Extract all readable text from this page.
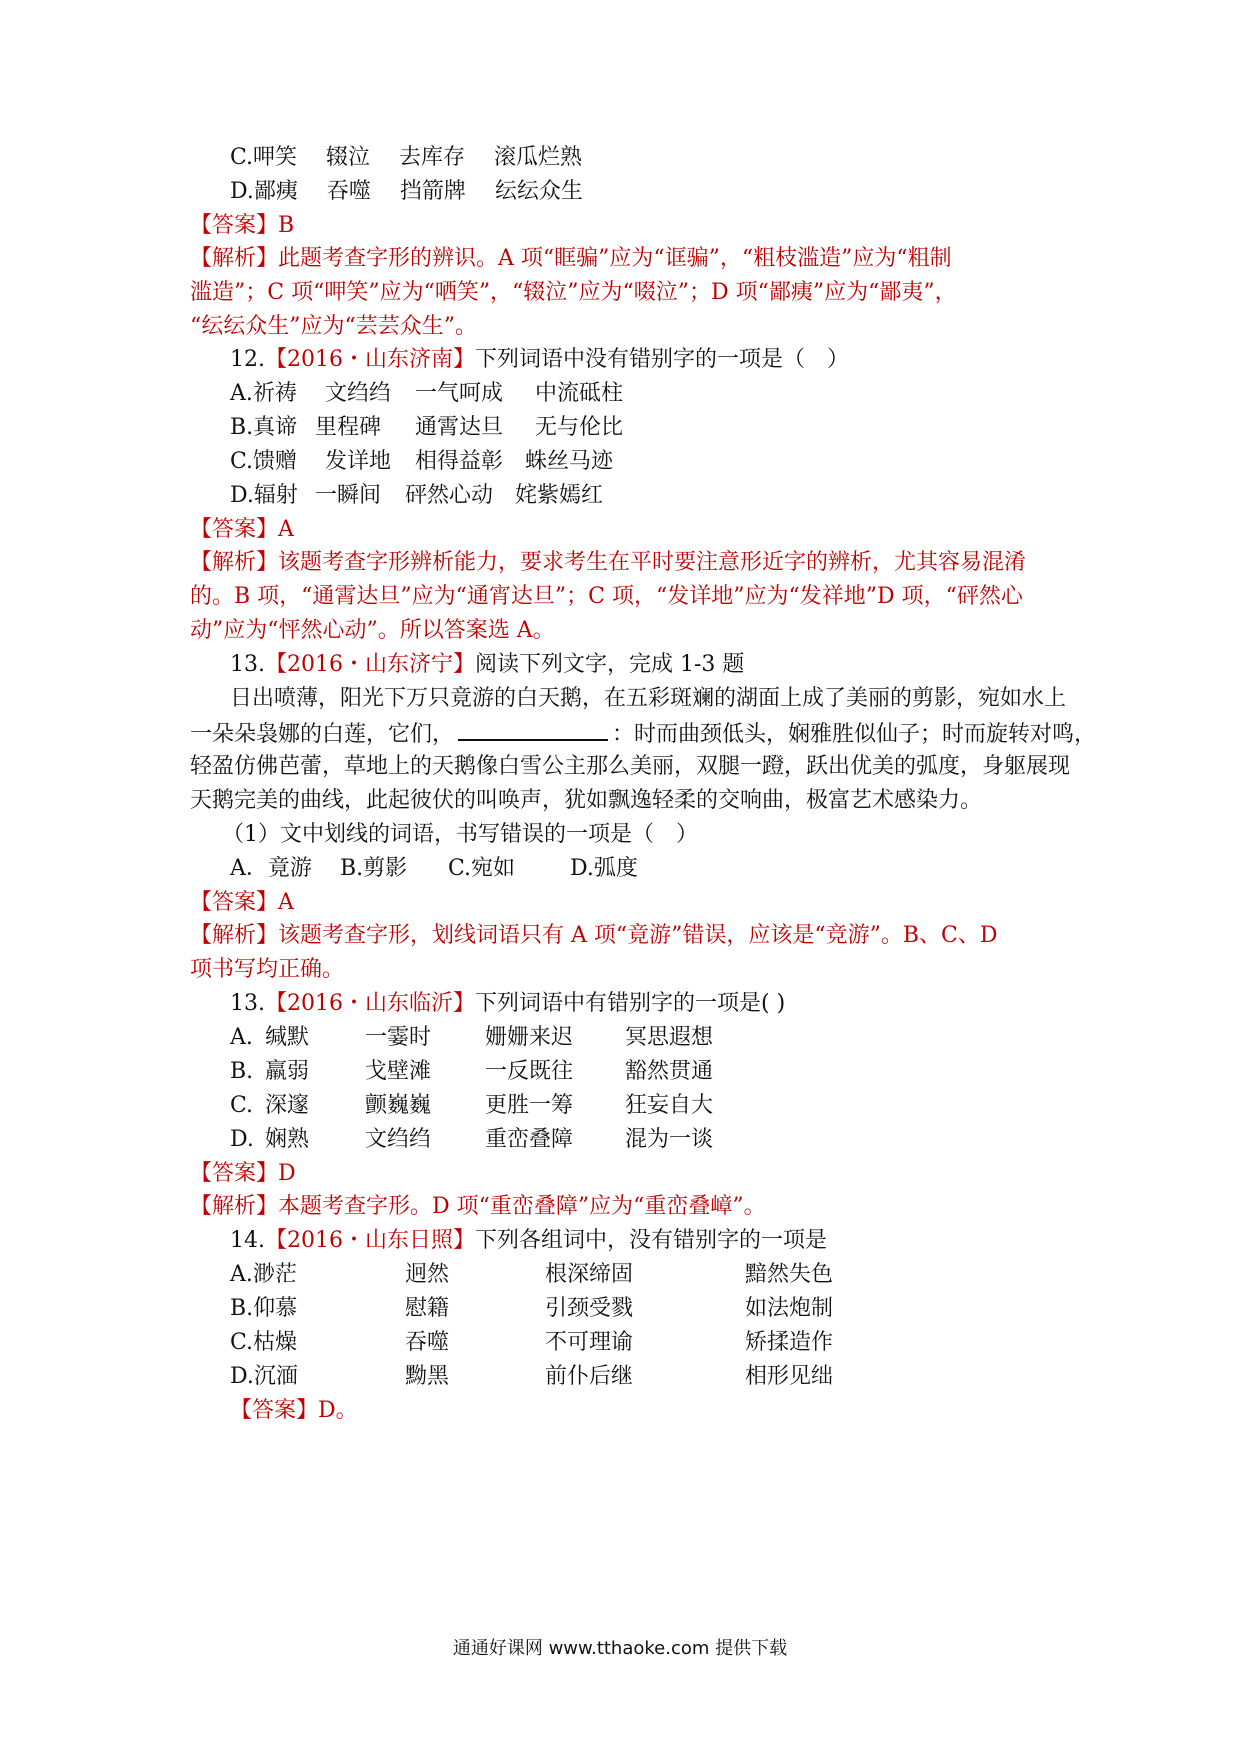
C.呷笑　 辍泣　 去库存　 滚瓜烂熟
D.鄙痍　 吞噬　 挡箭牌　 纭纭众生
【答案】B
【解析】此题考查字形的辨识。A 项“眶骗”应为“诓骗”，“粗枝滥造”应为“粗制
滥造”；C 项“呷笑”应为“哂笑”，“辍泣”应为“啜泣”；D 项“鄙痍”应为“鄙夷”，
“纭纭众生”应为“芸芸众生”。
12.【2016・山东济南】下列词语中没有错别字的一项是（　）
A.祈祷 文绉绉 一气呵成 中流砥柱
B.真谛 里程碑 通霄达旦 无与伦比
C.馈赠 发详地 相得益彰 蛛丝马迹
D.辐射 一瞬间 砰然心动 姹紫嫣红
【答案】A
【解析】该题考查字形辨析能力，要求考生在平时要注意形近字的辨析，尤其容易混淆
的。B 项，“通霄达旦”应为“通宵达旦”；C 项，“发详地”应为“发祥地”D 项，“砰然心
动”应为“怦然心动”。所以答案选 A。
13.【2016・山东济宁】阅读下列文字，完成 1-3 题
日出喷薄，阳光下万只竟游的白天鹅，在五彩斑斓的湖面上成了美丽的剪影，宛如水上
一朵朵袅娜的白莲，它们，	：时而曲颈低头，娴雅胜似仙子；时而旋转对鸣，
轻盈仿佛芭蕾，草地上的天鹅像白雪公主那么美丽，双腿一蹬，跃出优美的弧度，身躯展现
天鹅完美的曲线，此起彼伏的叫唤声，犹如飘逸轻柔的交响曲，极富艺术感染力。
（1）文中划线的词语，书写错误的一项是（　）
A．竟游 B.剪影 C.宛如 D.弧度
【答案】A
【解析】该题考查字形，划线词语只有 A 项“竟游”错误，应该是“竞游”。B、C、D
项书写均正确。
13.【2016・山东临沂】下列词语中有错别字的一项是( )
A. 缄默	一霎时 姗姗来迟 冥思遐想
B. 羸弱	戈壁滩 一反既往 豁然贯通
C. 深邃	颤巍巍 更胜一筹 狂妄自大
D. 娴熟	文绉绉 重峦叠障 混为一谈
【答案】D
【解析】本题考查字形。D 项“重峦叠障”应为“重峦叠嶂”。
14.【2016・山东日照】下列各组词中，没有错别字的一项是
A.渺茫	迥然	根深缔固	黯然失色
B.仰慕	慰籍	引颈受戮	如法炮制
C.枯燥	吞噬	不可理谕	矫揉造作
D.沉湎	黝黑	前仆后继	相形见绌
【答案】D。
通通好课网 www.tthaoke.com 提供下载
